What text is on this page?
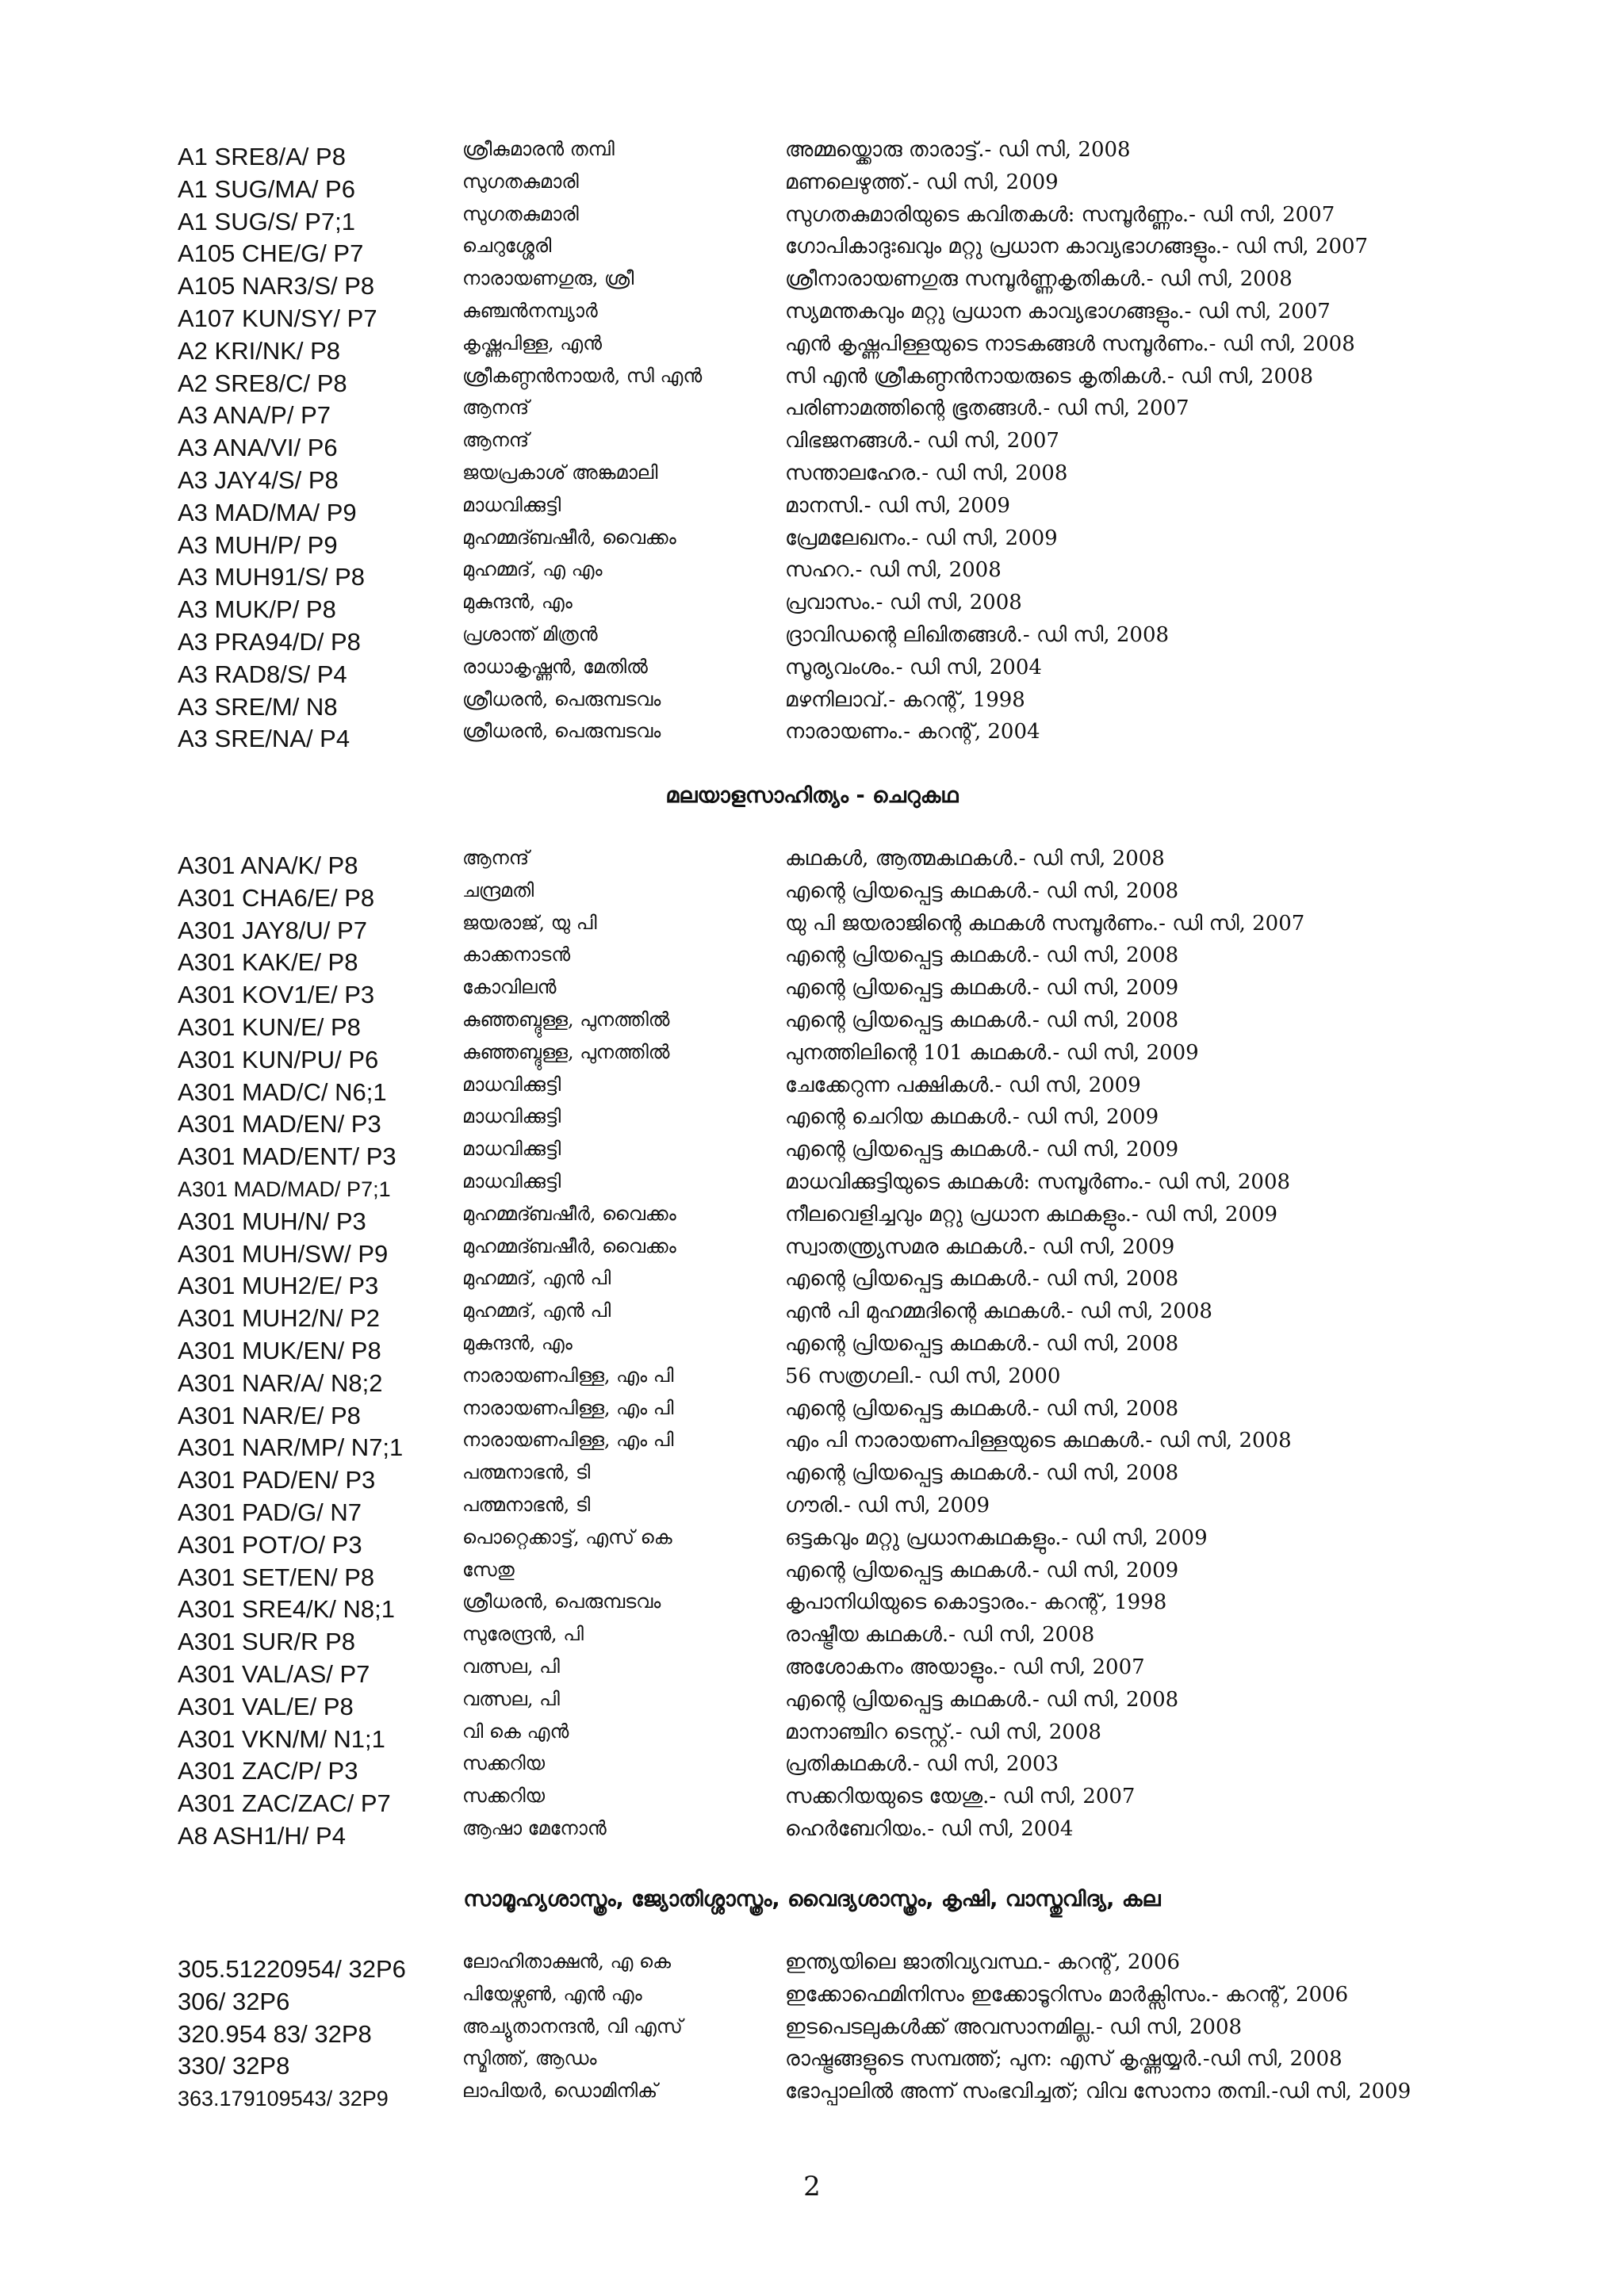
A1 SRE8/A/ P8	ശ്രീകുമാരൻ തമ്പി	അമ്മയ്ക്കൊരു താരാട്ട്.- ഡി സി, 2008
A1 SUG/MA/ P6	സുഗതകുമാരി	മണലെഴുത്ത്.- ഡി സി, 2009
A1 SUG/S/ P7;1	സുഗതകുമാരി	സുഗതകുമാരിയുടെ കവിതകൾ: സമ്പൂർണ്ണം.- ഡി സി, 2007
A105 CHE/G/ P7	ചെറുശ്ശേരി	ഗോപികാദുഃഖവും മറ്റു പ്രധാന കാവ്യഭാഗങ്ങളും.- ഡി സി, 2007
A105 NAR3/S/ P8	നാരായണഗുരു, ശ്രീ	ശ്രീനാരായണഗുരു സമ്പൂർണ്ണകൃതികൾ.- ഡി സി, 2008
A107 KUN/SY/ P7	കുഞ്ചൻനമ്പ്യാർ	സ്യമന്തകവും മറ്റു പ്രധാന കാവ്യഭാഗങ്ങളും.- ഡി സി, 2007
A2 KRI/NK/ P8	കൃഷ്ണപിള്ള, എൻ	എൻ കൃഷ്ണപിള്ളയുടെ നാടകങ്ങൾ സമ്പൂർണം.- ഡി സി, 2008
A2 SRE8/C/ P8	ശ്രീകണ്ഠൻനായർ, സി എൻ	സി എൻ ശ്രീകണ്ഠൻനായരുടെ കൃതികൾ.- ഡി സി, 2008
A3 ANA/P/ P7	ആനന്ദ്	പരിണാമത്തിന്റെ ഭൂതങ്ങൾ.- ഡി സി, 2007
A3 ANA/VI/ P6	ആനന്ദ്	വിഭജനങ്ങൾ.- ഡി സി, 2007
A3 JAY4/S/ P8	ജയപ്രകാശ് അങ്കമാലി	സന്താലഹേര.- ഡി സി, 2008
A3 MAD/MA/ P9	മാധവിക്കുട്ടി	മാനസി.- ഡി സി, 2009
A3 MUH/P/ P9	മുഹമ്മദ്ബഷീർ, വൈക്കം	പ്രേമലേഖനം.- ഡി സി, 2009
A3 MUH91/S/ P8	മുഹമ്മദ്, എ എം	സഹറ.- ഡി സി, 2008
A3 MUK/P/ P8	മുകുന്ദൻ, എം	പ്രവാസം.- ഡി സി, 2008
A3 PRA94/D/ P8	പ്രശാന്ത് മിത്രൻ	ദ്രാവിഡന്റെ ലിഖിതങ്ങൾ.- ഡി സി, 2008
A3 RAD8/S/ P4	രാധാകൃഷ്ണൻ, മേതിൽ	സൂര്യവംശം.- ഡി സി, 2004
A3 SRE/M/ N8	ശ്രീധരൻ, പെരുമ്പടവം	മഴനിലാവ്.- കറന്റ്, 1998
A3 SRE/NA/ P4	ശ്രീധരൻ, പെരുമ്പടവം	നാരായണം.- കറന്റ്, 2004
മലയാളസാഹിത്യം - ചെറുകഥ
A301 ANA/K/ P8	ആനന്ദ്	കഥകൾ, ആത്മകഥകൾ.- ഡി സി, 2008
A301 CHA6/E/ P8	ചന്ദ്രമതി	എന്റെ പ്രിയപ്പെട്ട കഥകൾ.- ഡി സി, 2008
A301 JAY8/U/ P7	ജയരാജ്, യു പി	യു പി ജയരാജിന്റെ കഥകൾ സമ്പൂർണം.- ഡി സി, 2007
A301 KAK/E/ P8	കാക്കനാടൻ	എന്റെ പ്രിയപ്പെട്ട കഥകൾ.- ഡി സി, 2008
A301 KOV1/E/ P3	കോവിലൻ	എന്റെ പ്രിയപ്പെട്ട കഥകൾ.- ഡി സി, 2009
A301 KUN/E/ P8	കുഞ്ഞബ്ദുള്ള, പുനത്തിൽ	എന്റെ പ്രിയപ്പെട്ട കഥകൾ.- ഡി സി, 2008
A301 KUN/PU/ P6	കുഞ്ഞബ്ദുള്ള, പുനത്തിൽ	പുനത്തിലിന്റെ 101 കഥകൾ.- ഡി സി, 2009
A301 MAD/C/ N6;1	മാധവിക്കുട്ടി	ചേക്കേറുന്ന പക്ഷികൾ.- ഡി സി, 2009
A301 MAD/EN/ P3	മാധവിക്കുട്ടി	എന്റെ ചെറിയ കഥകൾ.- ഡി സി, 2009
A301 MAD/ENT/ P3	മാധവിക്കുട്ടി	എന്റെ പ്രിയപ്പെട്ട കഥകൾ.- ഡി സി, 2009
A301 MAD/MAD/ P7;1	മാധവിക്കുട്ടി	മാധവിക്കുട്ടിയുടെ കഥകൾ: സമ്പൂർണം.- ഡി സി, 2008
A301 MUH/N/ P3	മുഹമ്മദ്ബഷീർ, വൈക്കം	നീലവെളിച്ചവും മറ്റു പ്രധാന കഥകളും.- ഡി സി, 2009
A301 MUH/SW/ P9	മുഹമ്മദ്ബഷീർ, വൈക്കം	സ്വാതന്ത്ര്യസമര കഥകൾ.- ഡി സി, 2009
A301 MUH2/E/ P3	മുഹമ്മദ്, എൻ പി	എന്റെ പ്രിയപ്പെട്ട കഥകൾ.- ഡി സി, 2008
A301 MUH2/N/ P2	മുഹമ്മദ്, എൻ പി	എൻ പി മുഹമ്മദിന്റെ കഥകൾ.- ഡി സി, 2008
A301 MUK/EN/ P8	മുകുന്ദൻ, എം	എന്റെ പ്രിയപ്പെട്ട കഥകൾ.- ഡി സി, 2008
A301 NAR/A/ N8;2	നാരായണപിള്ള, എം പി	56 സത്രഗലി.- ഡി സി, 2000
A301 NAR/E/ P8	നാരായണപിള്ള, എം പി	എന്റെ പ്രിയപ്പെട്ട കഥകൾ.- ഡി സി, 2008
A301 NAR/MP/ N7;1	നാരായണപിള്ള, എം പി	എം പി നാരായണപിള്ളയുടെ കഥകൾ.- ഡി സി, 2008
A301 PAD/EN/ P3	പത്മനാഭൻ, ടി	എന്റെ പ്രിയപ്പെട്ട കഥകൾ.- ഡി സി, 2008
A301 PAD/G/ N7	പത്മനാഭൻ, ടി	ഗൗരി.- ഡി സി, 2009
A301 POT/O/ P3	പൊറ്റെക്കാട്ട്, എസ് കെ	ഒട്ടകവും മറ്റു പ്രധാനകഥകളും.- ഡി സി, 2009
A301 SET/EN/ P8	സേതു	എന്റെ പ്രിയപ്പെട്ട കഥകൾ.- ഡി സി, 2009
A301 SRE4/K/ N8;1	ശ്രീധരൻ, പെരുമ്പടവം	കൃപാനിധിയുടെ കൊട്ടാരം.- കറന്റ്, 1998
A301 SUR/R P8	സുരേന്ദ്രൻ, പി	രാഷ്ട്രീയ കഥകൾ.- ഡി സി, 2008
A301 VAL/AS/ P7	വത്സല, പി	അശോകനം അയാളും.- ഡി സി, 2007
A301 VAL/E/ P8	വത്സല, പി	എന്റെ പ്രിയപ്പെട്ട കഥകൾ.- ഡി സി, 2008
A301 VKN/M/ N1;1	വി കെ എൻ	മാനാഞ്ചിറ ടെസ്റ്റ്.- ഡി സി, 2008
A301 ZAC/P/ P3	സക്കറിയ	പ്രതികഥകൾ.- ഡി സി, 2003
A301 ZAC/ZAC/ P7	സക്കറിയ	സക്കറിയയുടെ യേശു.- ഡി സി, 2007
A8 ASH1/H/ P4	ആഷാ മേനോൻ	ഹെർബേറിയം.- ഡി സി, 2004
സാമൂഹ്യശാസ്ത്രം, ജ്യോതിശ്ശാസ്ത്രം, വൈദ്യശാസ്ത്രം, കൃഷി, വാസ്തുവിദ്യ, കല
305.51220954/ 32P6	ലോഹിതാക്ഷൻ, എ കെ	ഇന്ത്യയിലെ ജാതിവ്യവസ്ഥ.- കറന്റ്, 2006
306/ 32P6	പിയേഴ്സൺ, എൻ എം	ഇക്കോഫെമിനിസം ഇക്കോടൂറിസം മാർക്സിസം.- കറന്റ്, 2006
320.954 83/ 32P8	അച്യുതാനന്ദൻ, വി എസ്	ഇടപെടലുകൾക്ക് അവസാനമില്ല.- ഡി സി, 2008
330/ 32P8	സ്മിത്ത്, ആഡം	രാഷ്ട്രങ്ങളുടെ സമ്പത്ത്; പുന: എസ് കൃഷ്ണയ്യർ.-ഡി സി, 2008
363.179109543/ 32P9	ലാപിയർ, ഡൊമിനിക്	ഭോപ്പാലിൽ അന്ന് സംഭവിച്ചത്; വിവ സോനാ തമ്പി.-ഡി സി, 2009
2
